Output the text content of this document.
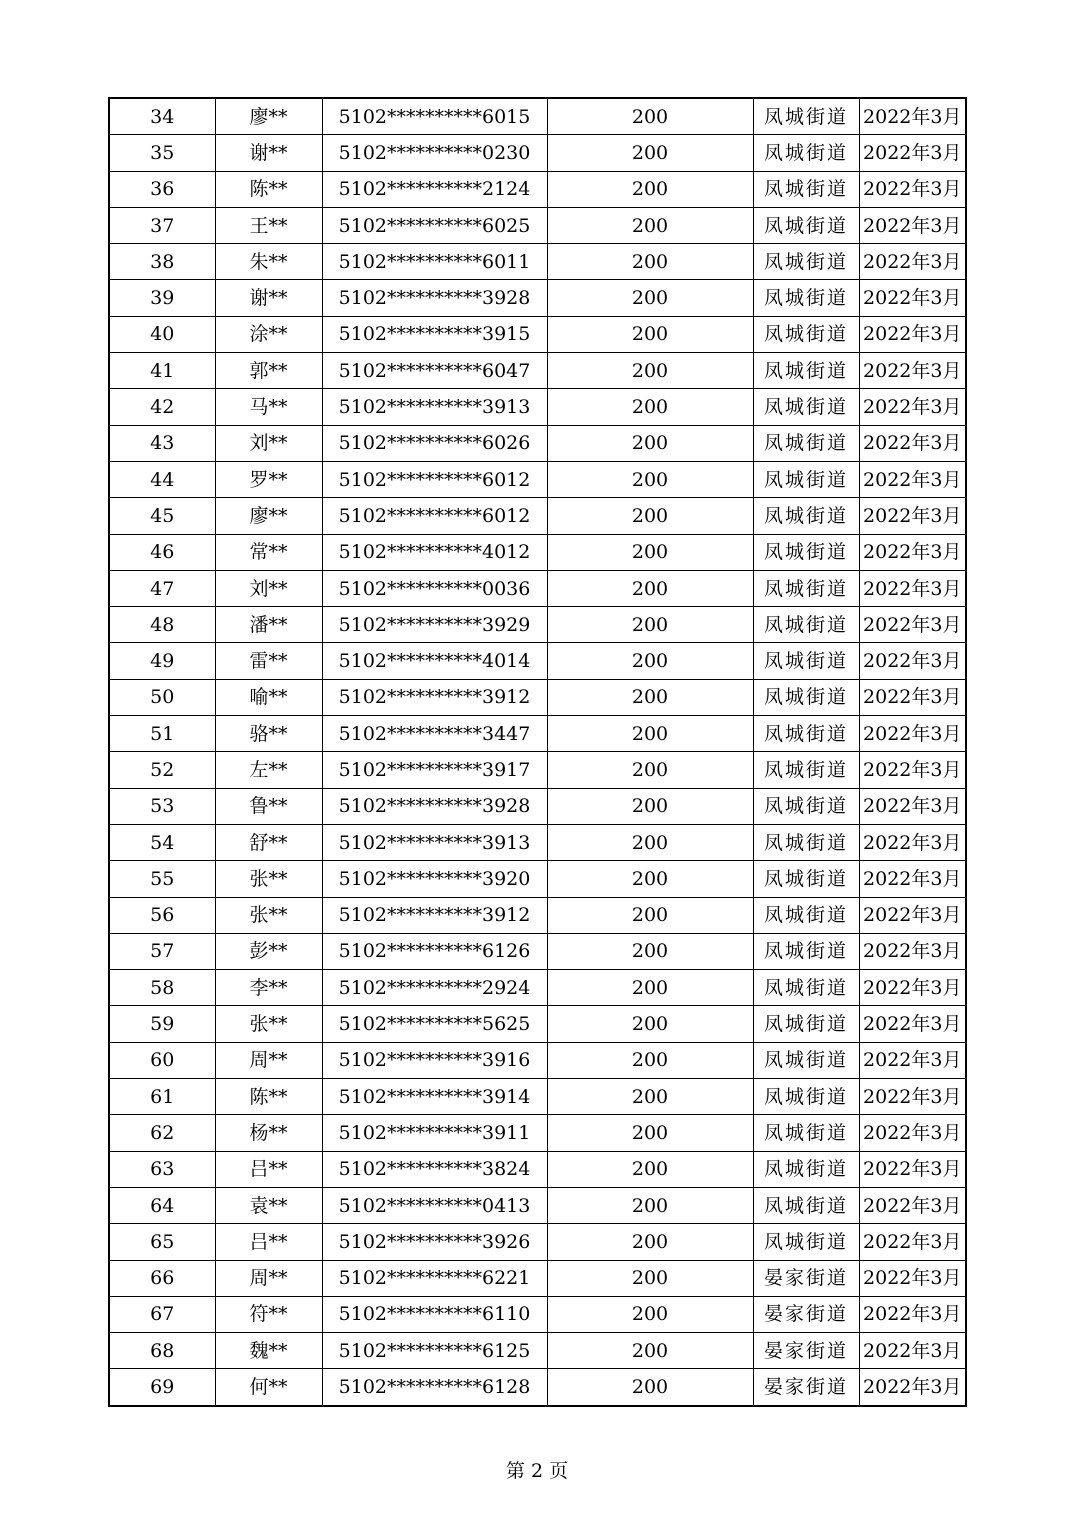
34	廖**	5102**********6015	200	凤城街道	2022年3月
35	谢**	5102**********0230	200	凤城街道	2022年3月
36	陈**	5102**********2124	200	凤城街道	2022年3月
37	王**	5102**********6025	200	凤城街道	2022年3月
38	朱**	5102**********6011	200	凤城街道	2022年3月
39	谢**	5102**********3928	200	凤城街道	2022年3月
40	涂**	5102**********3915	200	凤城街道	2022年3月
41	郭**	5102**********6047	200	凤城街道	2022年3月
42	马**	5102**********3913	200	凤城街道	2022年3月
43	刘**	5102**********6026	200	凤城街道	2022年3月
44	罗**	5102**********6012	200	凤城街道	2022年3月
45	廖**	5102**********6012	200	凤城街道	2022年3月
46	常**	5102**********4012	200	凤城街道	2022年3月
47	刘**	5102**********0036	200	凤城街道	2022年3月
48	潘**	5102**********3929	200	凤城街道	2022年3月
49	雷**	5102**********4014	200	凤城街道	2022年3月
50	喻**	5102**********3912	200	凤城街道	2022年3月
51	骆**	5102**********3447	200	凤城街道	2022年3月
52	左**	5102**********3917	200	凤城街道	2022年3月
53	鲁**	5102**********3928	200	凤城街道	2022年3月
54	舒**	5102**********3913	200	凤城街道	2022年3月
55	张**	5102**********3920	200	凤城街道	2022年3月
56	张**	5102**********3912	200	凤城街道	2022年3月
57	彭**	5102**********6126	200	凤城街道	2022年3月
58	李**	5102**********2924	200	凤城街道	2022年3月
59	张**	5102**********5625	200	凤城街道	2022年3月
60	周**	5102**********3916	200	凤城街道	2022年3月
61	陈**	5102**********3914	200	凤城街道	2022年3月
62	杨**	5102**********3911	200	凤城街道	2022年3月
63	吕**	5102**********3824	200	凤城街道	2022年3月
64	袁**	5102**********0413	200	凤城街道	2022年3月
65	吕**	5102**********3926	200	凤城街道	2022年3月
66	周**	5102**********6221	200	晏家街道	2022年3月
67	符**	5102**********6110	200	晏家街道	2022年3月
68	魏**	5102**********6125	200	晏家街道	2022年3月
69	何**	5102**********6128	200	晏家街道	2022年3月
第 2 页
